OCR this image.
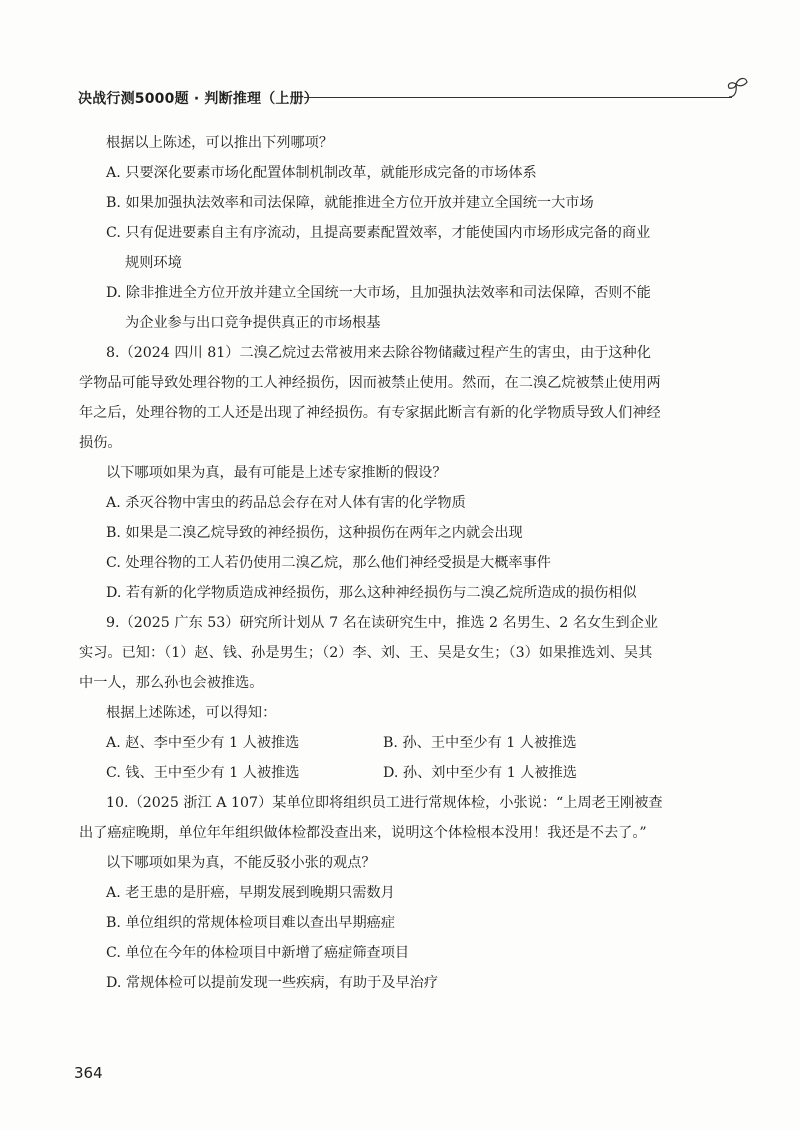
决战行测5000题 · 判断推理（上册）

根据以上陈述，可以推出下列哪项？

A. 只要深化要素市场化配置体制机制改革，就能形成完备的市场体系

B. 如果加强执法效率和司法保障，就能推进全方位开放并建立全国统一大市场

C. 只有促进要素自主有序流动，且提高要素配置效率，才能使国内市场形成完备的商业规则环境

D. 除非推进全方位开放并建立全国统一大市场，且加强执法效率和司法保障，否则不能为企业参与出口竞争提供真正的市场根基

8.（2024 四川 81）二溴乙烷过去常被用来去除谷物储藏过程产生的害虫，由于这种化学物品可能导致处理谷物的工人神经损伤，因而被禁止使用。然而，在二溴乙烷被禁止使用两年之后，处理谷物的工人还是出现了神经损伤。有专家据此断言有新的化学物质导致人们神经损伤。

以下哪项如果为真，最有可能是上述专家推断的假设？

A. 杀灭谷物中害虫的药品总会存在对人体有害的化学物质

B. 如果是二溴乙烷导致的神经损伤，这种损伤在两年之内就会出现

C. 处理谷物的工人若仍使用二溴乙烷，那么他们神经受损是大概率事件

D. 若有新的化学物质造成神经损伤，那么这种神经损伤与二溴乙烷所造成的损伤相似

9.（2025 广东 53）研究所计划从 7 名在读研究生中，推选 2 名男生、2 名女生到企业实习。已知：（1）赵、钱、孙是男生；（2）李、刘、王、吴是女生；（3）如果推选刘、吴其中一人，那么孙也会被推选。

根据上述陈述，可以得知：

A. 赵、李中至少有 1 人被推选	B. 孙、王中至少有 1 人被推选
C. 钱、王中至少有 1 人被推选	D. 孙、刘中至少有 1 人被推选

10.（2025 浙江 A 107）某单位即将组织员工进行常规体检，小张说：“上周老王刚被查出了癌症晚期，单位年年组织做体检都没查出来，说明这个体检根本没用！我还是不去了。”

以下哪项如果为真，不能反驳小张的观点？

A. 老王患的是肝癌，早期发展到晚期只需数月

B. 单位组织的常规体检项目难以查出早期癌症

C. 单位在今年的体检项目中新增了癌症筛查项目

D. 常规体检可以提前发现一些疾病，有助于及早治疗

364
